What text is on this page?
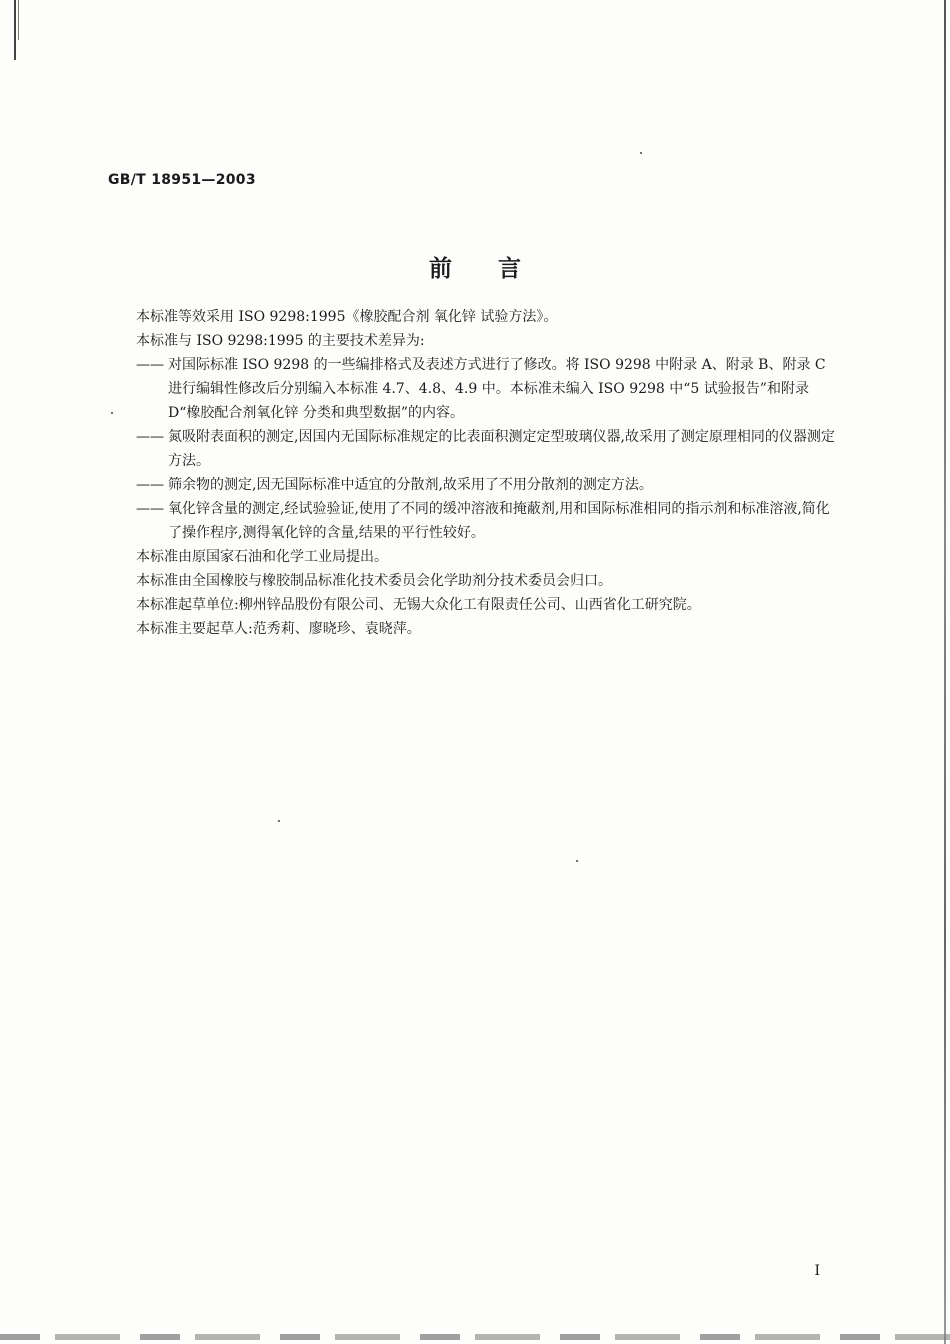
GB/T 18951—2003
前言

本标准等效采用 ISO 9298:1995《橡胶配合剂 氧化锌 试验方法》。

本标准与 ISO 9298:1995 的主要技术差异为:

—— 对国际标准 ISO 9298 的一些编排格式及表述方式进行了修改。将 ISO 9298 中附录 A、附录 B、附录 C 进行编辑性修改后分别编入本标准 4.7、4.8、4.9 中。本标准未编入 ISO 9298 中“5 试验报告”和附录 D“橡胶配合剂氧化锌 分类和典型数据”的内容。
—— 氮吸附表面积的测定,因国内无国际标准规定的比表面积测定定型玻璃仪器,故采用了测定原理相同的仪器测定方法。
—— 筛余物的测定,因无国际标准中适宜的分散剂,故采用了不用分散剂的测定方法。
—— 氧化锌含量的测定,经试验验证,使用了不同的缓冲溶液和掩蔽剂,用和国际标准相同的指示剂和标准溶液,简化了操作程序,测得氧化锌的含量,结果的平行性较好。

本标准由原国家石油和化学工业局提出。

本标准由全国橡胶与橡胶制品标准化技术委员会化学助剂分技术委员会归口。

本标准起草单位:柳州锌品股份有限公司、无锡大众化工有限责任公司、山西省化工研究院。

本标准主要起草人:范秀莉、廖晓珍、袁晓萍。

I
